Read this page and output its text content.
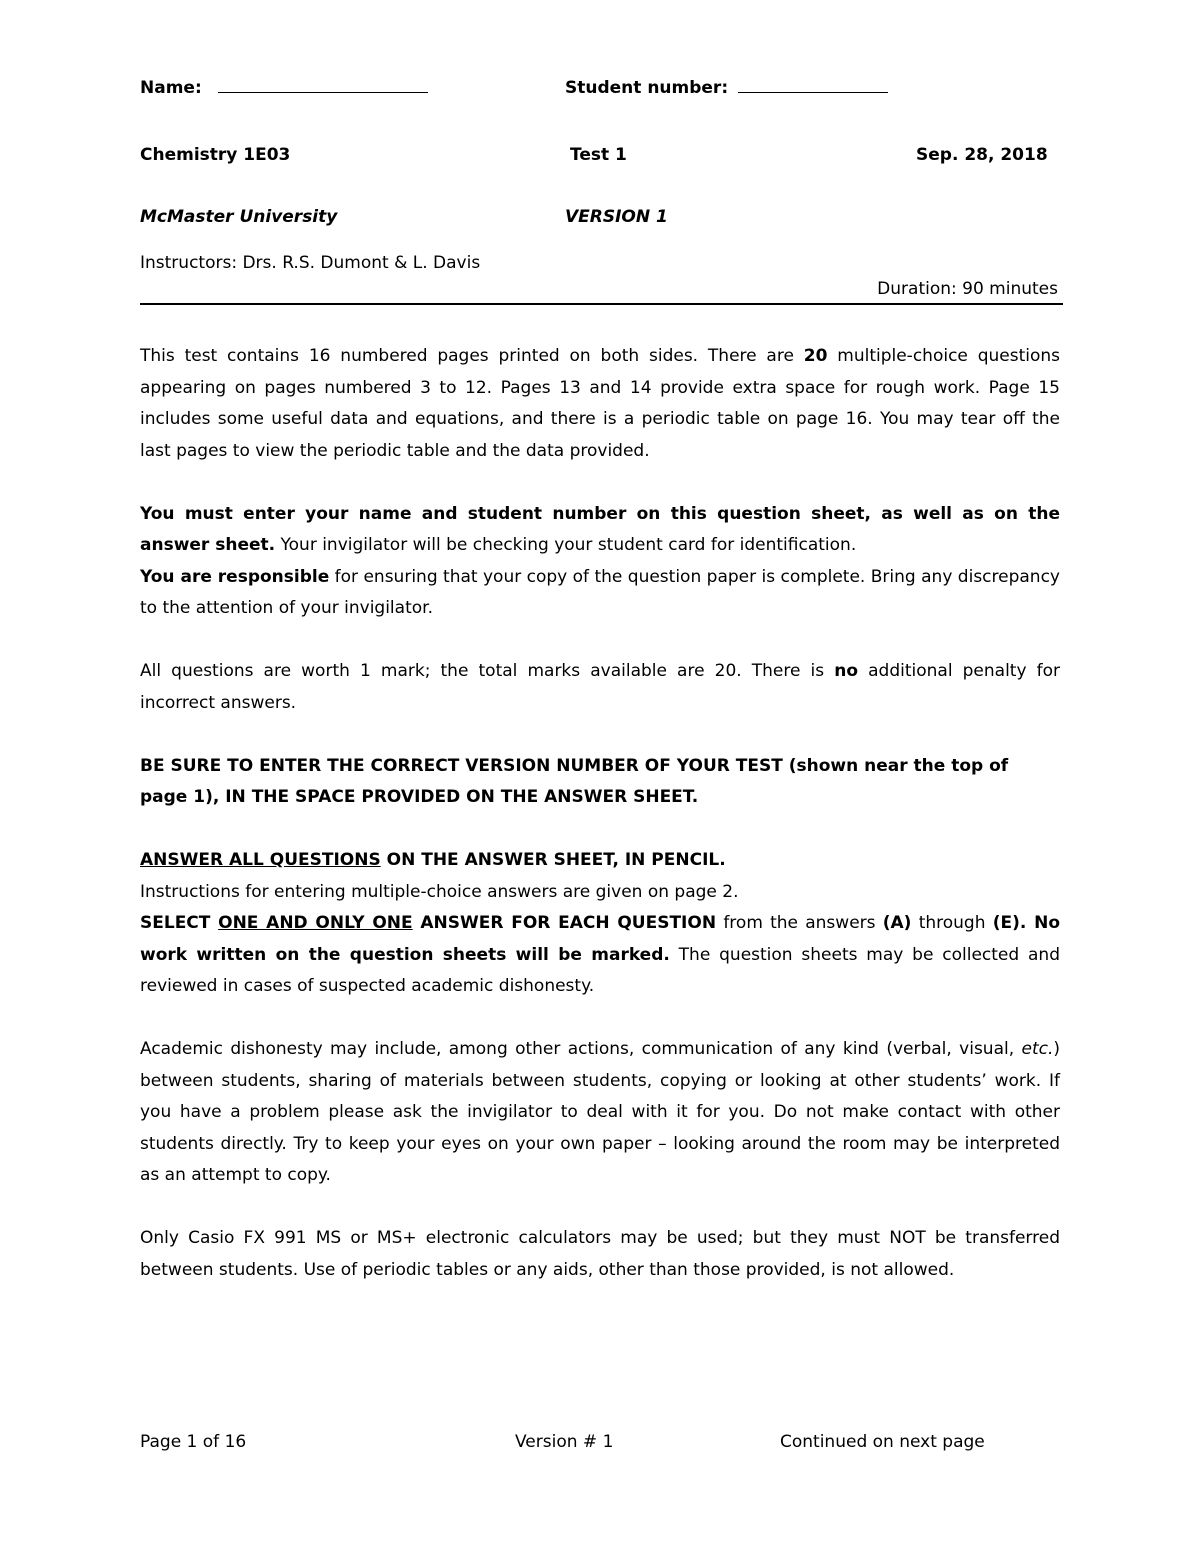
Name:	Student number:
Chemistry 1E03	Test 1	Sep. 28, 2018
McMaster University	VERSION 1
Instructors: Drs. R.S. Dumont & L. Davis
Duration: 90 minutes

This test contains 16 numbered pages printed on both sides. There are 20 multiple-choice questions appearing on pages numbered 3 to 12. Pages 13 and 14 provide extra space for rough work. Page 15 includes some useful data and equations, and there is a periodic table on page 16. You may tear off the last pages to view the periodic table and the data provided.

You must enter your name and student number on this question sheet, as well as on the answer sheet. Your invigilator will be checking your student card for identification.

You are responsible for ensuring that your copy of the question paper is complete. Bring any discrepancy to the attention of your invigilator.

All questions are worth 1 mark; the total marks available are 20. There is no additional penalty for incorrect answers.

BE SURE TO ENTER THE CORRECT VERSION NUMBER OF YOUR TEST (shown near the top of page 1), IN THE SPACE PROVIDED ON THE ANSWER SHEET.

ANSWER ALL QUESTIONS ON THE ANSWER SHEET, IN PENCIL.

Instructions for entering multiple-choice answers are given on page 2.

SELECT ONE AND ONLY ONE ANSWER FOR EACH QUESTION from the answers (A) through (E). No work written on the question sheets will be marked. The question sheets may be collected and reviewed in cases of suspected academic dishonesty.

Academic dishonesty may include, among other actions, communication of any kind (verbal, visual, etc.) between students, sharing of materials between students, copying or looking at other students’ work. If you have a problem please ask the invigilator to deal with it for you. Do not make contact with other students directly. Try to keep your eyes on your own paper – looking around the room may be interpreted as an attempt to copy.

Only Casio FX 991 MS or MS+ electronic calculators may be used; but they must NOT be transferred between students. Use of periodic tables or any aids, other than those provided, is not allowed.

Page 1 of 16	Version # 1	Continued on next page
